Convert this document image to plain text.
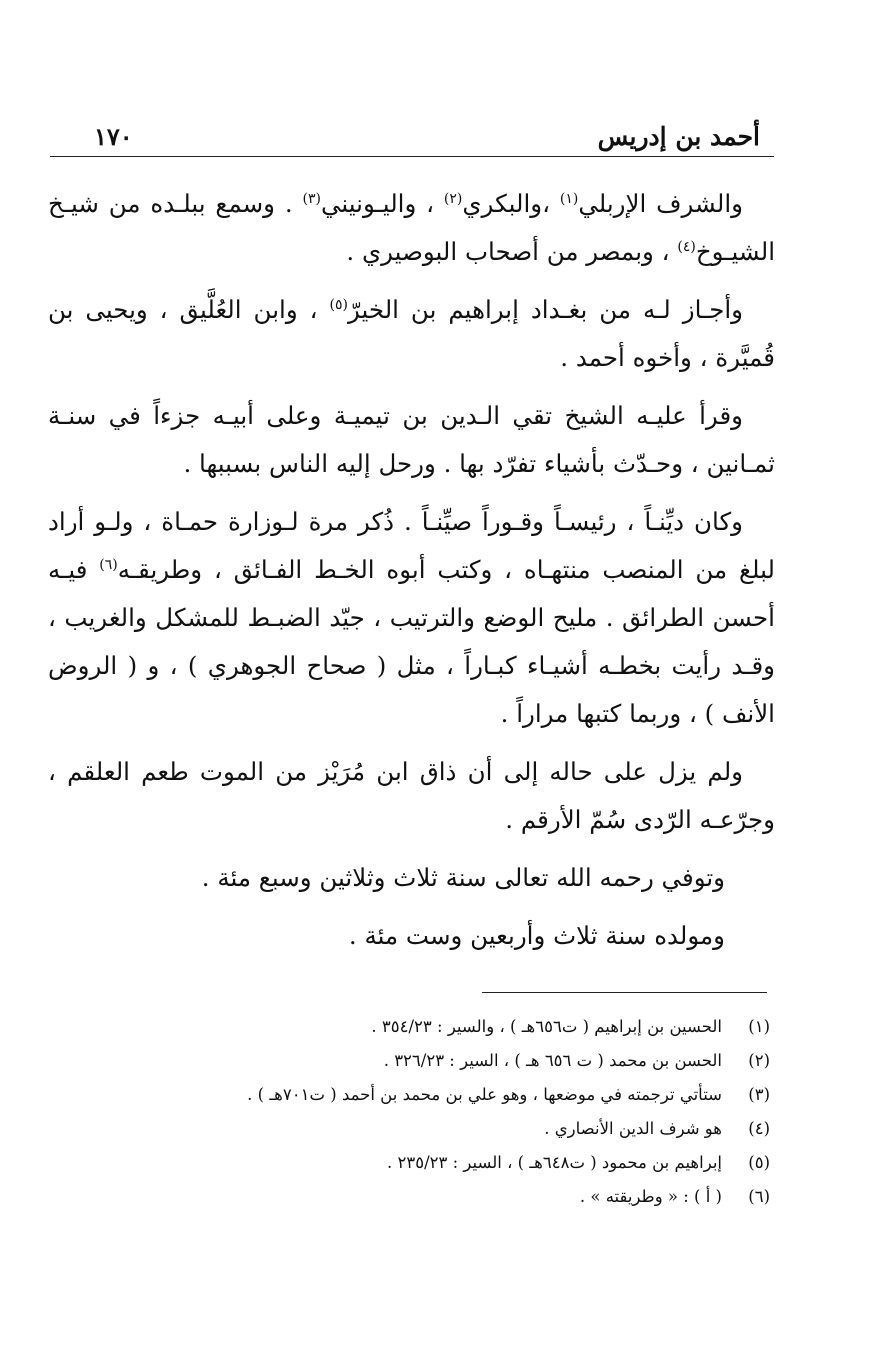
أحمد بن إدريس
١٧٠

والشرف الإربلي$^{(١)}$ ،والبكري$^{(٢)}$ ، واليـونيني$^{(٣)}$ . وسمع ببلـده من شيـخ الشيـوخ$^{(٤)}$ ، وبمصر من أصحاب البوصيري .

وأجـاز لـه من بغـداد إبراهيم بن الخيرّ$^{(٥)}$ ، وابن العُلَّيق ، ويحيى بن قُميَّرة ، وأخوه أحمد .

وقرأ عليـه الشيخ تقي الـدين بن تيميـة وعلى أبيـه جزءاً في سنـة ثمـانين ، وحـدّث بأشياء تفرّد بها . ورحل إليه الناس بسببها .

وكان ديِّنـاً ، رئيسـاً وقـوراً صيِّنـاً . ذُكر مرة لـوزارة حمـاة ، ولـو أراد لبلغ من المنصب منتهـاه ، وكتب أبوه الخـط الفـائق ، وطريقـه$^{(٦)}$ فيـه أحسن الطرائق . مليح الوضع والترتيب ، جيّد الضبـط للمشكل والغريب ، وقـد رأيت بخطـه أشيـاء كبـاراً ، مثل ( صحاح الجوهري ) ، و ( الروض الأنف ) ، وربما كتبها مراراً .

ولم يزل على حاله إلى أن ذاق ابن مُرَيْز من الموت طعم العلقم ، وجرّعـه الرّدى سُمّ الأرقم .

وتوفي رحمه الله تعالى سنة ثلاث وثلاثين وسبع مئة .

ومولده سنة ثلاث وأربعين وست مئة .

(١)
الحسين بن إبراهيم ( ت٦٥٦هـ ) ، والسير : ٣٥٤/٢٣ .
(٢)
الحسن بن محمد ( ت ٦٥٦ هـ ) ، السير : ٣٢٦/٢٣ .
(٣)
ستأتي ترجمته في موضعها ، وهو علي بن محمد بن أحمد ( ت٧٠١هـ ) .
(٤)
هو شرف الدين الأنصاري .
(٥)
إبراهيم بن محمود ( ت٦٤٨هـ ) ، السير : ٢٣٥/٢٣ .
(٦)
( أ ) : « وطريقته » .
